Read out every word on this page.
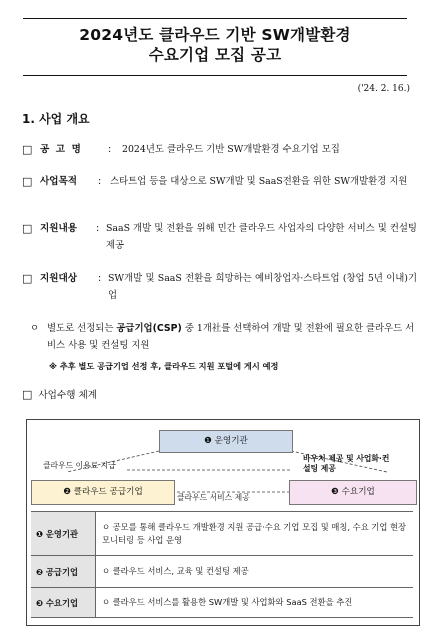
2024년도 클라우드 기반 SW개발환경
수요기업 모집 공고
('24. 2. 16.)
1. 사업 개요
□ 공 고 명	: 2024년도 클라우드 기반 SW개발환경 수요기업 모집
□ 사업목적 : 스타트업 등을 대상으로 SW개발 및 SaaS전환을 위한 SW개발환경 지원
□ 지원내용 : SaaS 개발 및 전환을 위해 민간 클라우드 사업자의 다양한 서비스 및 컨설팅 제공
□ 지원대상 : SW개발 및 SaaS 전환을 희망하는 예비창업자·스타트업 (창업 5년 이내)기업
ㅇ 별도로 선정되는 공급기업(CSP) 중 1개社를 선택하여 개발 및 전환에 필요한 클라우드 서비스 사용 및 컨설팅 지원
※ 추후 별도 공급기업 선정 후, 클라우드 지원 포털에 게시 예정
□ 사업수행 체계
❶ 운영기관
클라우드 이용료 지급
바우처 제공 및 사업화·컨설팅 제공
❷ 클라우드 공급기업
클라우드 서비스 제공
❸ 수요기업
❶ 운영기관	ㅇ 공모를 통해 클라우드 개발환경 지원 공급·수요 기업 모집 및 매칭, 수요 기업 현장 모니터링 등 사업 운영
❷ 공급기업	ㅇ 클라우드 서비스, 교육 및 컨설팅 제공
❸ 수요기업	ㅇ 클라우드 서비스를 활용한 SW개발 및 사업화와 SaaS 전환을 추진
